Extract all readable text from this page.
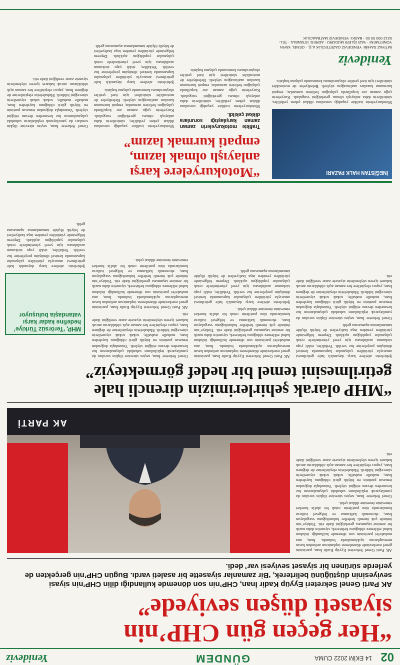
02
14 EKİM 2022 CUMA
GÜNDEM
Yenideviz
“Her geçen gün CHP’nin
siyaseti düşen seviyede”
AK Parti Genel Sekreteri Eyyüp Kadir İnan, CHP’nin son dönemde kullandığı dilin CHP’nin siyasi seviyesinin düştüğünü belirterek, ‘Bir zamanlar siyasette bir asaleti vardı. Bugün CHP’nin gerçekten de yerlerde sürünen bir siyaset seviyesi var’ dedi.

AK Parti Genel Sekreteri Eyyüp Kadir İnan, partisinin genel merkezinde düzenlenen toplantının ardından basın mensuplarına açıklamalarda bulundu. İnan, ana muhalefet partisinin son dönemde kullandığı üslubun kabul edilemez olduğunu belirterek, siyasetin daha nazik bir zemine taşınması gerektiğini ifade etti. Türkiye’nin önünde çok önemli hedefler bulunduğunu vurgulayan İnan, ekonomik kalkınma ve bölgesel istikrar konularında tüm partilerin ortak bir akılla hareket etmesinin önemine dikkat çekti.

Genel Sekreter İnan, seçim sürecine ilişkin soruları da yanıtlayarak teşkilatların sahadaki çalışmalarının hız kesmeden devam ettiğini söyledi. Vatandaşla doğrudan temasın partinin en büyük gücü olduğunu kaydeden İnan, mahalle mahalle, sokak sokak ziyaretlerin süreceğini bildirdi. Muhalefetin eleştirilerine de değinen İnan, yapıcı eleştirilere her zaman açık olduklarını ancak hakaret içeren söylemlerin siyasete zarar verdiğini ifade etti.

AK PARTİ
“MHP olarak şehirlerimizin direncli hale
getirilmesini temel bir hedef görmekteyiz”

Şehirlerin afetlere karşı dayanıklı hale getirilmesi amacıyla yürütülen çalışmalar kapsamında kentsel dönüşüm projelerine hız verildi. Yetkililer, riskli yapı stokunun azaltılması için yerel yönetimlerle ortak çalışmalar yapıldığını açıkladı. Deprem bölgesinde yürütülen yeniden inşa faaliyetleri de büyük ölçüde tamamlanma aşamasına geldi.

Genel Sekreter İnan, seçim sürecine ilişkin soruları da yanıtlayarak teşkilatların sahadaki çalışmalarının hız kesmeden devam ettiğini söyledi. Vatandaşla doğrudan temasın partinin en büyük gücü olduğunu kaydeden İnan, mahalle mahalle, sokak sokak ziyaretlerin süreceğini bildirdi. Muhalefetin eleştirilerine de değinen İnan, yapıcı eleştirilere her zaman açık olduklarını ancak hakaret içeren söylemlerin siyasete zarar verdiğini ifade etti.

AK Parti Genel Sekreteri Eyyüp Kadir İnan, partisinin genel merkezinde düzenlenen toplantının ardından basın mensuplarına açıklamalarda bulundu. İnan, ana muhalefet partisinin son dönemde kullandığı üslubun kabul edilemez olduğunu belirterek, siyasetin daha nazik bir zemine taşınması gerektiğini ifade etti. Türkiye’nin önünde çok önemli hedefler bulunduğunu vurgulayan İnan, ekonomik kalkınma ve bölgesel istikrar konularında tüm partilerin ortak bir akılla hareket etmesinin önemine dikkat çekti.

Şehirlerin afetlere karşı dayanıklı hale getirilmesi amacıyla yürütülen çalışmalar kapsamında kentsel dönüşüm projelerine hız verildi. Yetkililer, riskli yapı stokunun azaltılması için yerel yönetimlerle ortak çalışmalar yapıldığını açıkladı. Deprem bölgesinde yürütülen yeniden inşa faaliyetleri de büyük ölçüde tamamlanma aşamasına geldi.

Genel Sekreter İnan, seçim sürecine ilişkin soruları da yanıtlayarak teşkilatların sahadaki çalışmalarının hız kesmeden devam ettiğini söyledi. Vatandaşla doğrudan temasın partinin en büyük gücü olduğunu kaydeden İnan, mahalle mahalle, sokak sokak ziyaretlerin süreceğini bildirdi. Muhalefetin eleştirilerine de değinen İnan, yapıcı eleştirilere her zaman açık olduklarını ancak hakaret içeren söylemlerin siyasete zarar verdiğini ifade etti.

AK Parti Genel Sekreteri Eyyüp Kadir İnan, partisinin genel merkezinde düzenlenen toplantının ardından basın mensuplarına açıklamalarda bulundu. İnan, ana muhalefet partisinin son dönemde kullandığı üslubun kabul edilemez olduğunu belirterek, siyasetin daha nazik bir zemine taşınması gerektiğini ifade etti. Türkiye’nin önünde çok önemli hedefler bulunduğunu vurgulayan İnan, ekonomik kalkınma ve bölgesel istikrar konularında tüm partilerin ortak bir akılla hareket etmesinin önemine dikkat çekti.

MHP, ‘Terörsüz Türkiye’ hedefine kadar karşı vatandaşla buluşuyor

Şehirlerin afetlere karşı dayanıklı hale getirilmesi amacıyla yürütülen çalışmalar kapsamında kentsel dönüşüm projelerine hız verildi. Yetkililer, riskli yapı stokunun azaltılması için yerel yönetimlerle ortak çalışmalar yapıldığını açıkladı. Deprem bölgesinde yürütülen yeniden inşa faaliyetleri de büyük ölçüde tamamlanma aşamasına geldi.

İNEĞİSTAN HALK PAZARI

Motokuryelerin trafikte yaşadığı sorunlara dikkat çeken yetkililer, sürücülerin daha anlayışlı olması gerektiğini vurguladı. Kuryelerin çoğu zaman zor koşullarda çalıştığını belirten uzmanlar, empati kurmanın kazaları azaltacağını söyledi. Belediyeler de motosiklet sürücüleri için özel şeritler oluşturulması konusunda çalışma başlattı.

“Motokuryelere karşı
anlayışlı olmak lazım,
empati kurmak lazım”

Trafikte motokuryelerin zaman zaman karşılaştığı sorunlara dikkat çekildi.

Motokuryelerin trafikte yaşadığı sorunlara dikkat çeken yetkililer, sürücülerin daha anlayışlı olması gerektiğini vurguladı. Kuryelerin çoğu zaman zor koşullarda çalıştığını belirten uzmanlar, empati kurmanın kazaları azaltacağını söyledi. Belediyeler de motosiklet sürücüleri için özel şeritler oluşturulması konusunda çalışma başlattı.

Motokuryelerin trafikte yaşadığı sorunlara dikkat çeken yetkililer, sürücülerin daha anlayışlı olması gerektiğini vurguladı. Kuryelerin çoğu zaman zor koşullarda çalıştığını belirten uzmanlar, empati kurmanın kazaları azaltacağını söyledi. Belediyeler de motosiklet sürücüleri için özel şeritler oluşturulması konusunda çalışma başlattı.

Şehirlerin afetlere karşı dayanıklı hale getirilmesi amacıyla yürütülen çalışmalar kapsamında kentsel dönüşüm projelerine hız verildi. Yetkililer, riskli yapı stokunun azaltılması için yerel yönetimlerle ortak çalışmalar yapıldığını açıkladı. Deprem bölgesinde yürütülen yeniden inşa faaliyetleri de büyük ölçüde tamamlanma aşamasına geldi.

Genel Sekreter İnan, seçim sürecine ilişkin soruları da yanıtlayarak teşkilatların sahadaki çalışmalarının hız kesmeden devam ettiğini söyledi. Vatandaşla doğrudan temasın partinin en büyük gücü olduğunu kaydeden İnan, mahalle mahalle, sokak sokak ziyaretlerin süreceğini bildirdi. Muhalefetin eleştirilerine de değinen İnan, yapıcı eleştirilere her zaman açık olduklarını ancak hakaret içeren söylemlerin siyasete zarar verdiğini ifade etti.

Yenideviz
İMTİYAZ SAHİBİ: YENİDEVİZ GAZETECİLİK A.Ş. · GENEL YAYIN YÖNETMENİ · YAZI İŞLERİ MÜDÜRÜ · ADRES: İSTANBUL · TEL: 0212 000 00 00 · BASKI: YENİDEVİZ MATBAACILIK
